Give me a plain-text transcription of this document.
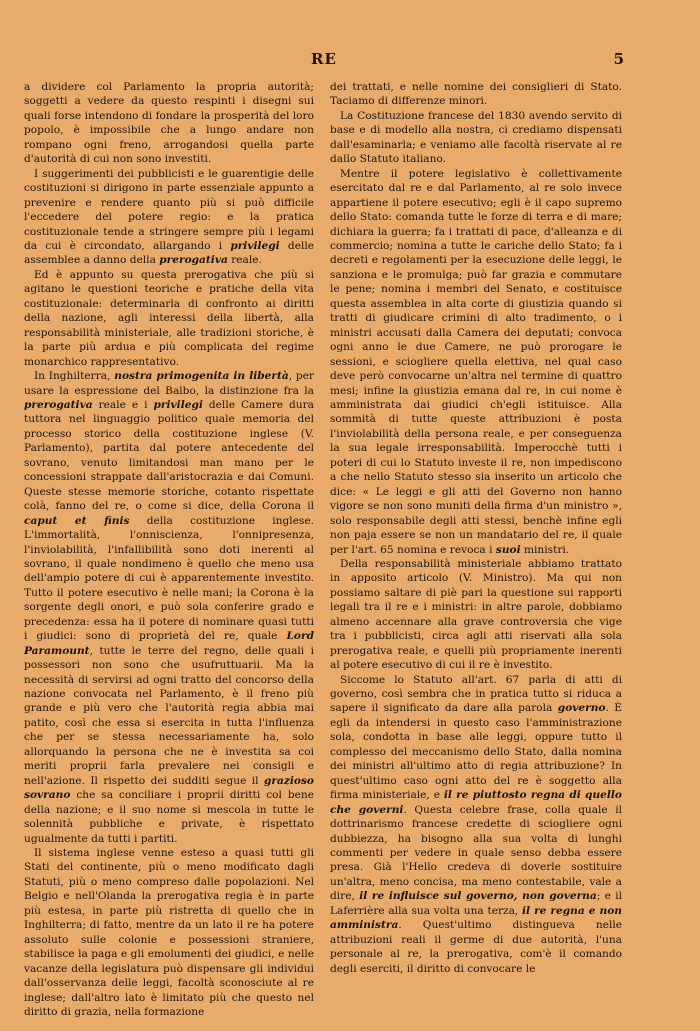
RE	5

a dividere col Parlamento la propria autorità; soggetti a vedere da questo respinti i disegni sui quali forse intendono di fondare la prosperità del loro popolo, è impossibile che a lungo andare non rompano ogni freno, arrogandosi quella parte d'autorità di cui non sono investiti.

I suggerimenti dei pubblicisti e le guarentigie delle costituzioni si dirigono in parte essenziale appunto a prevenire e rendere quanto più si può difficile l'eccedere del potere regio: e la pratica costituzionale tende a stringere sempre più i legami da cui è circondato, allargando i privilegi delle assemblee a danno della prerogativa reale.

Ed è appunto su questa prerogativa che più si agitano le questioni teoriche e pratiche della vita costituzionale: determinarla di confronto ai diritti della nazione, agli interessi della libertà, alla responsabilità ministeriale, alle tradizioni storiche, è la parte più ardua e più complicata del regime monarchico rappresentativo.

In Inghilterra, nostra primogenita in libertà, per usare la espressione del Balbo, la distinzione fra la prerogativa reale e i privilegi delle Camere dura tuttora nel linguaggio politico quale memoria del processo storico della costituzione inglese (V. Parlamento), partita dal potere antecedente del sovrano, venuto limitandosi man mano per le concessioni strappate dall'aristocrazia e dai Comuni. Queste stesse memorie storiche, cotanto rispettate colà, fanno del re, o come si dice, della Corona il caput et finis della costituzione inglese. L'immortalità, l'onniscienza, l'onnipresenza, l'inviolabilità, l'infallibilità sono doti inerenti al sovrano, il quale nondimeno è quello che meno usa dell'ampio potere di cui è apparentemente investito. Tutto il potere esecutivo è nelle mani; la Corona è la sorgente degli onori, e può sola conferire grado e precedenza: essa ha il potere di nominare quasi tutti i giudici: sono di proprietà del re, quale Lord Paramount, tutte le terre del regno, delle quali i possessori non sono che usufruttuarii. Ma la necessità di servirsi ad ogni tratto del concorso della nazione convocata nel Parlamento, è il freno più grande e più vero che l'autorità regia abbia mai patito, così che essa si esercita in tutta l'influenza che per se stessa necessariamente ha, solo allorquando la persona che ne è investita sa coi meriti proprii farla prevalere nei consigli e nell'azione. Il rispetto dei sudditi segue il grazioso sovrano che sa conciliare i proprii diritti col bene della nazione; e il suo nome si mescola in tutte le solennità pubbliche e private, è rispettato ugualmente da tutti i partiti.

Il sistema inglese venne esteso a quasi tutti gli Stati del continente, più o meno modificato dagli Statuti, più o meno compreso dalle popolazioni. Nel Belgio e nell'Olanda la prerogativa regia è in parte più estesa, in parte più ristretta di quello che in Inghilterra; di fatto, mentre da un lato il re ha potere assoluto sulle colonie e possessioni straniere, stabilisce la paga e gli emolumenti dei giudici, e nelle vacanze della legislatura può dispensare gli individui dall'osservanza delle leggi, facoltà sconosciute al re inglese; dall'altro lato è limitato più che questo nel diritto di grazia, nella formazione

dei trattati, e nelle nomine dei consiglieri di Stato. Taciamo di differenze minori.

La Costituzione francese del 1830 avendo servito di base e di modello alla nostra, ci crediamo dispensati dall'esaminarla; e veniamo alle facoltà riservate al re dallo Statuto italiano.

Mentre il potere legislativo è collettivamente esercitato dal re e dal Parlamento, al re solo invece appartiene il potere esecutivo; egli è il capo supremo dello Stato: comanda tutte le forze di terra e di mare; dichiara la guerra; fa i trattati di pace, d'alleanza e di commercio; nomina a tutte le cariche dello Stato; fa i decreti e regolamenti per la esecuzione delle leggi, le sanziona e le promulga; può far grazia e commutare le pene; nomina i membri del Senato, e costituisce questa assemblea in alta corte di giustizia quando si tratti di giudicare crimini di alto tradimento, o i ministri accusati dalla Camera dei deputati; convoca ogni anno le due Camere, ne può prorogare le sessioni, e sciogliere quella elettiva, nel qual caso deve però convocarne un'altra nel termine di quattro mesi; infine la giustizia emana dal re, in cui nome è amministrata dai giudici ch'egli istituisce. Alla sommità di tutte queste attribuzioni è posta l'inviolabilità della persona reale, e per conseguenza la sua legale irresponsabilità. Imperocchè tutti i poteri di cui lo Statuto investe il re, non impediscono a che nello Statuto stesso sia inserito un articolo che dice: « Le leggi e gli atti del Governo non hanno vigore se non sono muniti della firma d'un ministro », solo responsabile degli atti stessi, benchè infine egli non paja essere se non un mandatario del re, il quale per l'art. 65 nomina e revoca i suoi ministri.

Della responsabilità ministeriale abbiamo trattato in apposito articolo (V. Ministro). Ma qui non possiamo saltare di piè pari la questione sui rapporti legali tra il re e i ministri: in altre parole, dobbiamo almeno accennare alla grave controversia che vige tra i pubblicisti, circa agli atti riservati alla sola prerogativa reale, e quelli più propriamente inerenti al potere esecutivo di cui il re è investito.

Siccome lo Statuto all'art. 67 parla di atti di governo, così sembra che in pratica tutto si riduca a sapere il significato da dare alla parola governo. È egli da intendersi in questo caso l'amministrazione sola, condotta in base alle leggi, oppure tutto il complesso del meccanismo dello Stato, dalla nomina dei ministri all'ultimo atto di regia attribuzione? In quest'ultimo caso ogni atto del re è soggetto alla firma ministeriale, e il re piuttosto regna di quello che governi. Questa celebre frase, colla quale il dottrinarismo francese credette di sciogliere ogni dubbiezza, ha bisogno alla sua volta di lunghi commenti per vedere in quale senso debba essere presa. Già l'Hello credeva di doverle sostituire un'altra, meno concisa, ma meno contestabile, vale a dire, il re influisce sul governo, non governa; e il Laferrière alla sua volta una terza, il re regna e non amministra. Quest'ultimo distingueva nelle attribuzioni reali il germe di due autorità, l'una personale al re, la prerogativa, com'è il comando degli eserciti, il diritto di convocare le
